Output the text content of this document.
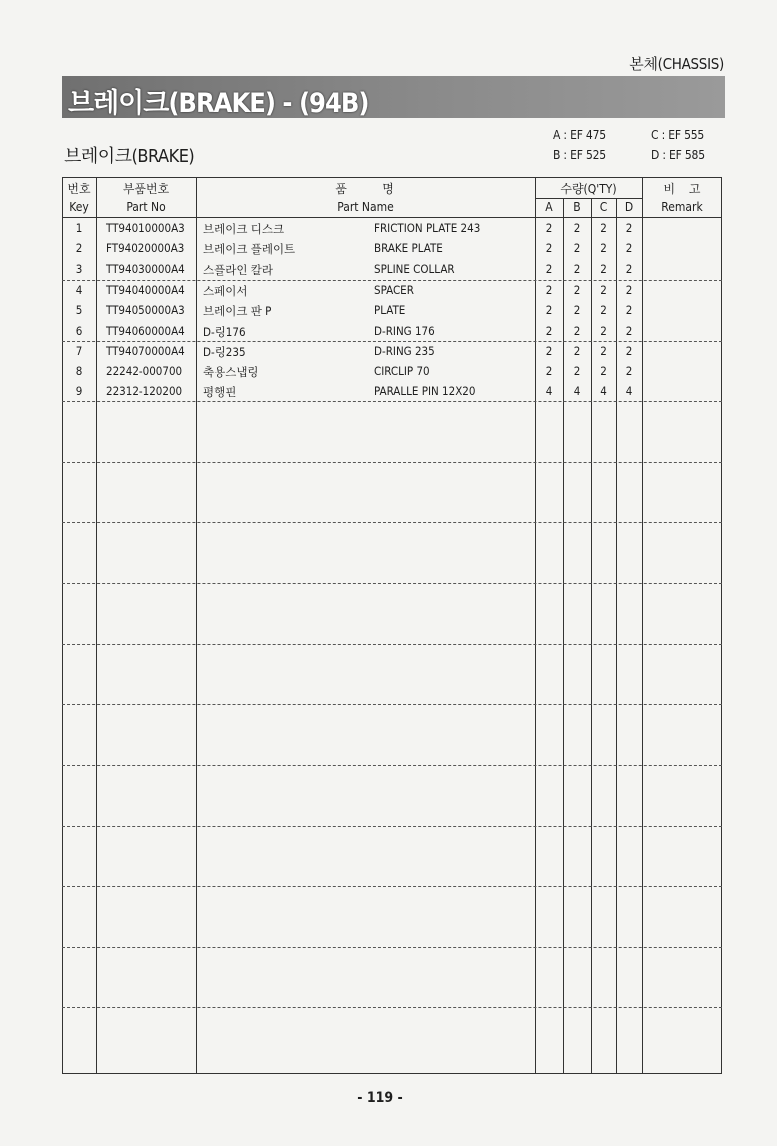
본체(CHASSIS)
브레이크(BRAKE) - (94B)
브레이크(BRAKE)
A : EF 475
B : EF 525
C : EF 555
D : EF 585
번호
Key
부품번호
Part No
품	명
Part Name
수량(Q'TY)
A	B	C	D
비    고
Remark
1	TT94010000A3 브레이크 디스크	FRICTION PLATE 243	2	2	2	2
2	FT94020000A3 브레이크 플레이트	BRAKE PLATE	2	2	2	2
3	TT94030000A4 스플라인 칼라	SPLINE COLLAR	2	2	2	2
4	TT94040000A4 스페이서	SPACER	2	2	2	2
5	TT94050000A3 브레이크 판 P	PLATE	2	2	2	2
6	TT94060000A4 D-링176	D-RING 176	2	2	2	2
7	TT94070000A4 D-링235	D-RING 235	2	2	2	2
8	22242-000700 축용스냅링	CIRCLIP 70	2	2	2	2
9	22312-120200 평행핀	PARALLE PIN 12X20	4	4	4	4
- 119 -
